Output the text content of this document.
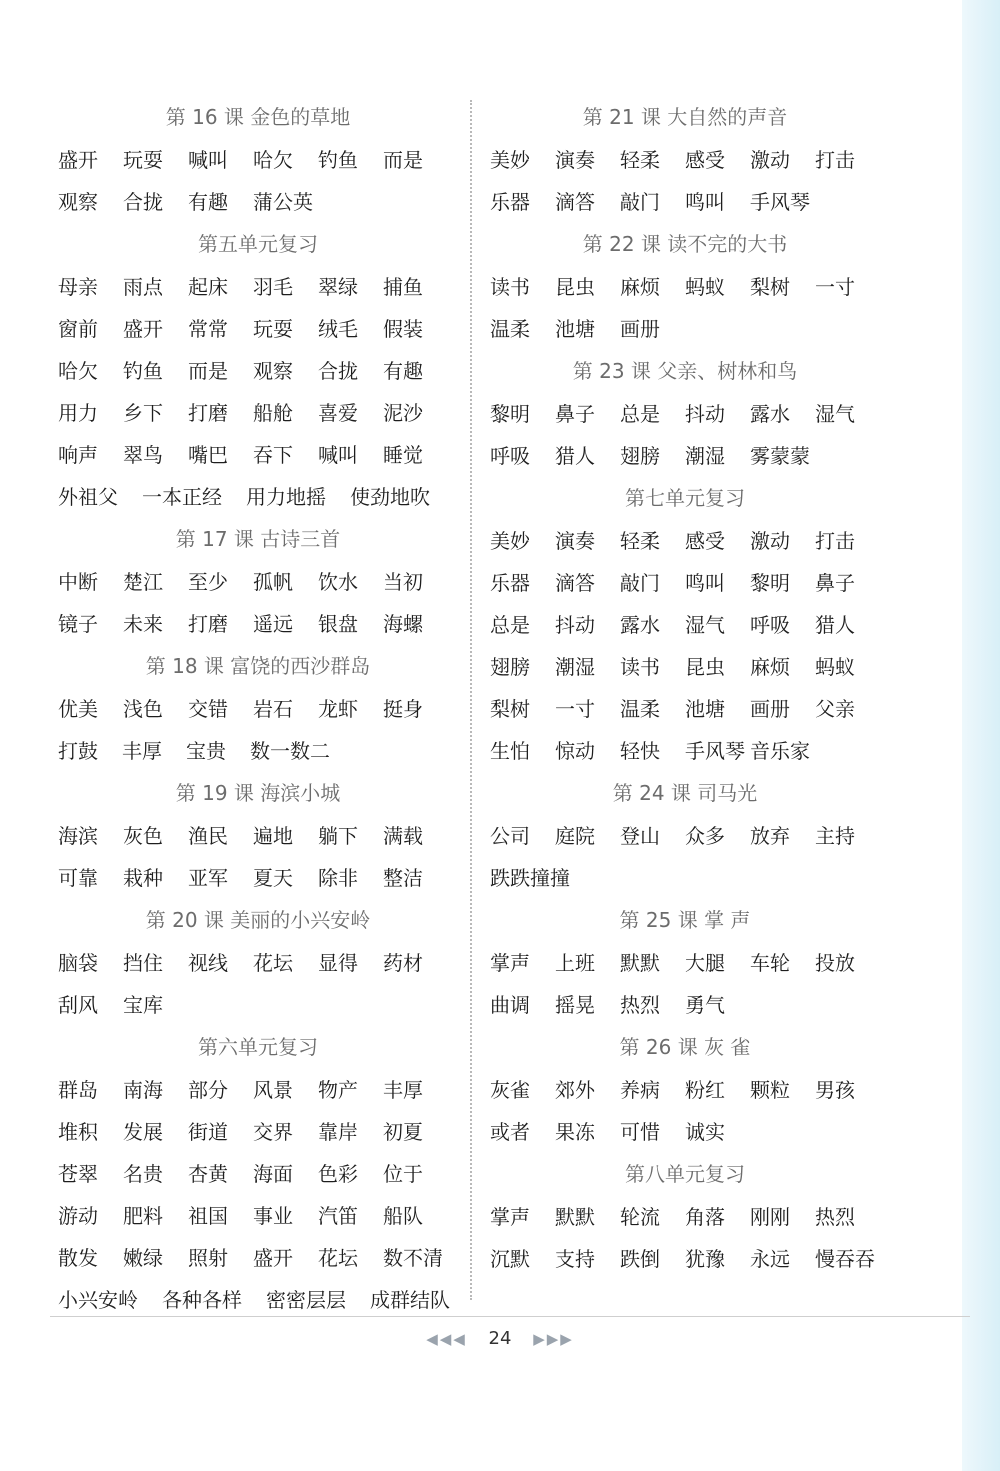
第 16 课 金色的草地
盛开	玩耍	喊叫	哈欠	钓鱼	而是
观察	合拢	有趣	蒲公英
第五单元复习
母亲	雨点	起床	羽毛	翠绿	捕鱼
窗前	盛开	常常	玩耍	绒毛	假装
哈欠	钓鱼	而是	观察	合拢	有趣
用力	乡下	打磨	船舱	喜爱	泥沙
响声	翠鸟	嘴巴	吞下	喊叫	睡觉
外祖父 一本正经 用力地摇 使劲地吹
第 17 课 古诗三首
中断	楚江	至少	孤帆	饮水	当初
镜子	未来	打磨	遥远	银盘	海螺
第 18 课 富饶的西沙群岛
优美	浅色	交错	岩石	龙虾	挺身
打鼓 丰厚 宝贵 数一数二
第 19 课 海滨小城
海滨	灰色	渔民	遍地	躺下	满载
可靠	栽种	亚军	夏天	除非	整洁
第 20 课 美丽的小兴安岭
脑袋	挡住	视线	花坛	显得	药材
刮风	宝库
第六单元复习
群岛	南海	部分	风景	物产	丰厚
堆积	发展	街道	交界	靠岸	初夏
苍翠	名贵	杏黄	海面	色彩	位于
游动	肥料	祖国	事业	汽笛	船队
散发	嫩绿	照射	盛开	花坛	数不清
小兴安岭 各种各样 密密层层 成群结队
第 21 课 大自然的声音
美妙	演奏	轻柔	感受	激动	打击
乐器	滴答	敲门	鸣叫	手风琴
第 22 课 读不完的大书
读书	昆虫	麻烦	蚂蚁	梨树	一寸
温柔	池塘	画册
第 23 课 父亲、树林和鸟
黎明	鼻子	总是	抖动	露水	湿气
呼吸	猎人	翅膀	潮湿	雾蒙蒙
第七单元复习
美妙	演奏	轻柔	感受	激动	打击
乐器	滴答	敲门	鸣叫	黎明	鼻子
总是	抖动	露水	湿气	呼吸	猎人
翅膀	潮湿	读书	昆虫	麻烦	蚂蚁
梨树	一寸	温柔	池塘	画册	父亲
生怕	惊动	轻快	手风琴 音乐家
第 24 课 司马光
公司	庭院	登山	众多	放弃	主持
跌跌撞撞
第 25 课 掌 声
掌声	上班	默默	大腿	车轮	投放
曲调	摇晃	热烈	勇气
第 26 课 灰 雀
灰雀	郊外	养病	粉红	颗粒	男孩
或者	果冻	可惜	诚实
第八单元复习
掌声	默默	轮流	角落	刚刚	热烈
沉默	支持	跌倒	犹豫	永远	慢吞吞
◀◀◀ 24 ▶▶▶
